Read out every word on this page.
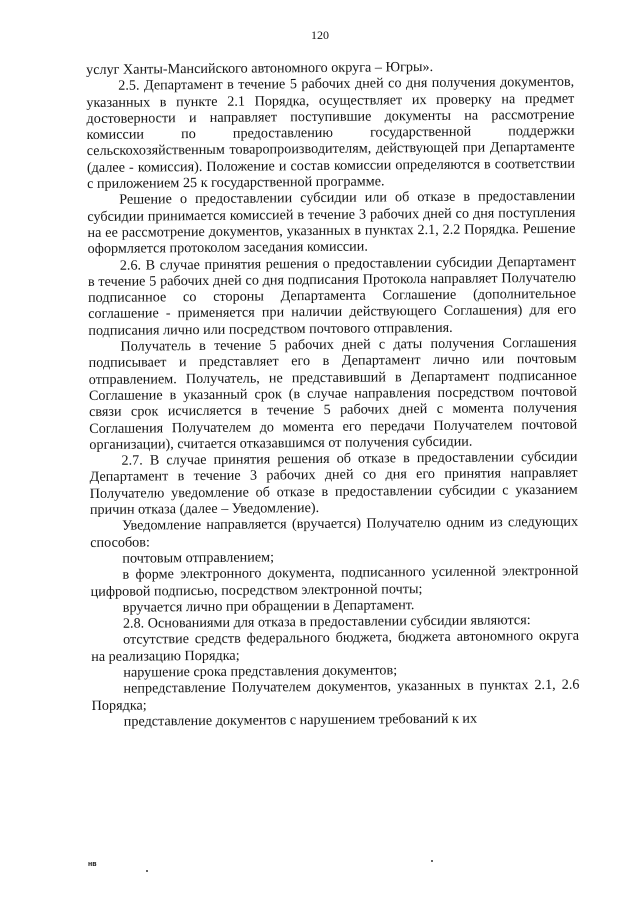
120

услуг Ханты-Мансийского автономного округа – Югры».

2.5. Департамент в течение 5 рабочих дней со дня получения документов, указанных в пункте 2.1 Порядка, осуществляет их проверку на предмет достоверности и направляет поступившие документы на рассмотрение комиссии по предоставлению государственной поддержки сельскохозяйственным товаропроизводителям, действующей при Департаменте (далее - комиссия). Положение и состав комиссии определяются в соответствии с приложением 25 к государственной программе.

Решение о предоставлении субсидии или об отказе в предоставлении субсидии принимается комиссией в течение 3 рабочих дней со дня поступления на ее рассмотрение документов, указанных в пунктах 2.1, 2.2 Порядка. Решение оформляется протоколом заседания комиссии.

2.6. В случае принятия решения о предоставлении субсидии Департамент в течение 5 рабочих дней со дня подписания Протокола направляет Получателю подписанное со стороны Департамента Соглашение (дополнительное соглашение - применяется при наличии действующего Соглашения) для его подписания лично или посредством почтового отправления.

Получатель в течение 5 рабочих дней с даты получения Соглашения подписывает и представляет его в Департамент лично или почтовым отправлением. Получатель, не представивший в Департамент подписанное Соглашение в указанный срок (в случае направления посредством почтовой связи срок исчисляется в течение 5 рабочих дней с момента получения Соглашения Получателем до момента его передачи Получателем почтовой организации), считается отказавшимся от получения субсидии.

2.7. В случае принятия решения об отказе в предоставлении субсидии Департамент в течение 3 рабочих дней со дня его принятия направляет Получателю уведомление об отказе в предоставлении субсидии с указанием причин отказа (далее – Уведомление).

Уведомление направляется (вручается) Получателю одним из следующих способов:

почтовым отправлением;

в форме электронного документа, подписанного усиленной электронной цифровой подписью, посредством электронной почты;

вручается лично при обращении в Департамент.

2.8. Основаниями для отказа в предоставлении субсидии являются:

отсутствие средств федерального бюджета, бюджета автономного округа на реализацию Порядка;

нарушение срока представления документов;

непредставление Получателем документов, указанных в пунктах 2.1, 2.6 Порядка;

представление документов с нарушением требований к их

нв
